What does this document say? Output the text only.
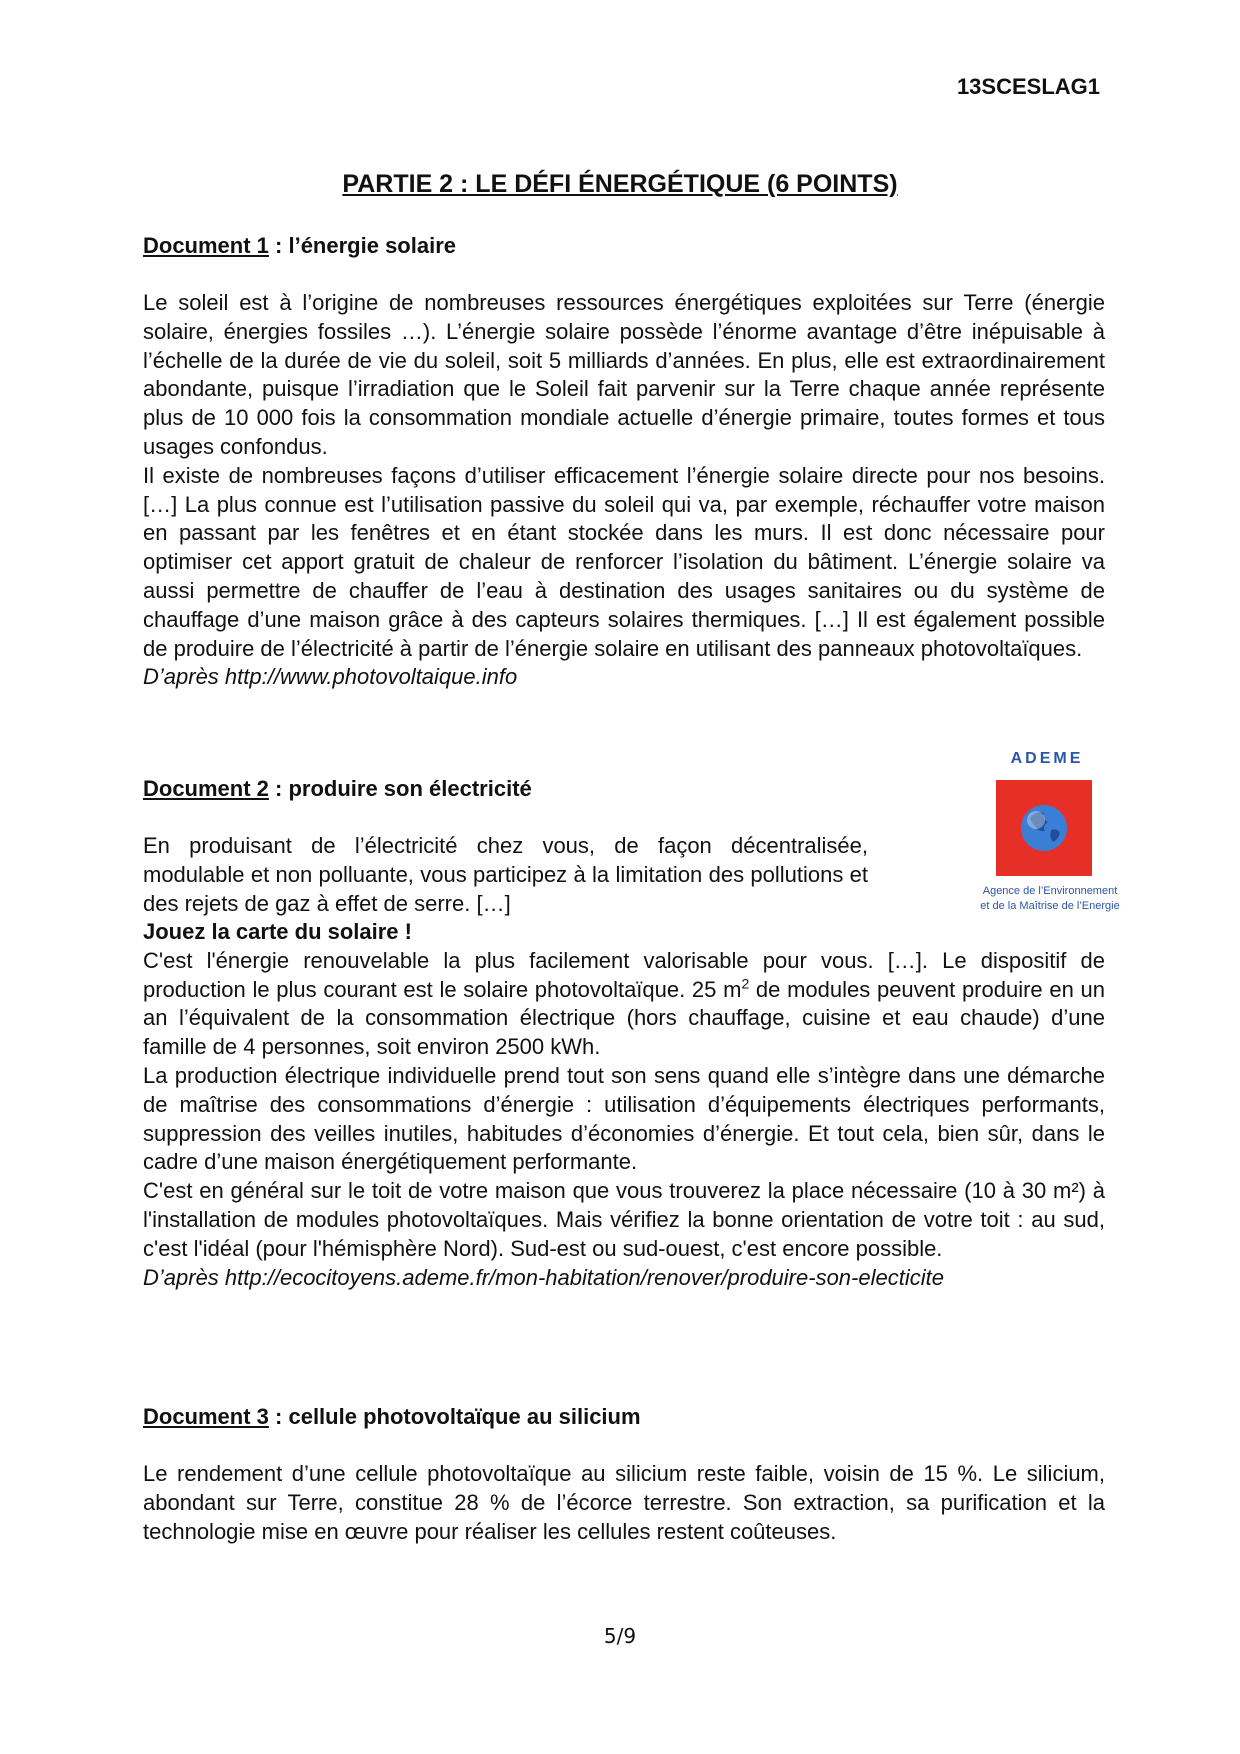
13SCESLAG1
PARTIE 2 : LE DÉFI ÉNERGÉTIQUE (6 POINTS)
Document 1 : l’énergie solaire

Le soleil est à l’origine de nombreuses ressources énergétiques exploitées sur Terre (énergie solaire, énergies fossiles …). L’énergie solaire possède l’énorme avantage d’être inépuisable à l’échelle de la durée de vie du soleil, soit 5 milliards d’années. En plus, elle est extraordinairement abondante, puisque l’irradiation que le Soleil fait parvenir sur la Terre chaque année représente plus de 10 000 fois la consommation mondiale actuelle d’énergie primaire, toutes formes et tous usages confondus.

Il existe de nombreuses façons d’utiliser efficacement l’énergie solaire directe pour nos besoins. […] La plus connue est l’utilisation passive du soleil qui va, par exemple, réchauffer votre maison en passant par les fenêtres et en étant stockée dans les murs. Il est donc nécessaire pour optimiser cet apport gratuit de chaleur de renforcer l’isolation du bâtiment. L’énergie solaire va aussi permettre de chauffer de l’eau à destination des usages sanitaires ou du système de chauffage d’une maison grâce à des capteurs solaires thermiques. […] Il est également possible de produire de l’électricité à partir de l’énergie solaire en utilisant des panneaux photovoltaïques.

D’après http://www.photovoltaique.info

ADEME
Agence de l’Environnement
et de la Maîtrise de l’Energie
Document 2 : produire son électricité
En produisant de l’électricité chez vous, de façon décentralisée, modulable et non polluante, vous participez à la limitation des pollutions et des rejets de gaz à effet de serre. […]

Jouez la carte du solaire !

C'est l'énergie renouvelable la plus facilement valorisable pour vous. […]. Le dispositif de production le plus courant est le solaire photovoltaïque. 25 $m^2$ de modules peuvent produire en un an l’équivalent de la consommation électrique (hors chauffage, cuisine et eau chaude) d’une famille de 4 personnes, soit environ 2500 kWh.

La production électrique individuelle prend tout son sens quand elle s’intègre dans une démarche de maîtrise des consommations d’énergie : utilisation d’équipements électriques performants, suppression des veilles inutiles, habitudes d’économies d’énergie. Et tout cela, bien sûr, dans le cadre d’une maison énergétiquement performante.

C'est en général sur le toit de votre maison que vous trouverez la place nécessaire (10 à 30 m²) à l'installation de modules photovoltaïques. Mais vérifiez la bonne orientation de votre toit : au sud, c'est l'idéal (pour l'hémisphère Nord). Sud-est ou sud-ouest, c'est encore possible.

D’après http://ecocitoyens.ademe.fr/mon-habitation/renover/produire-son-electicite

Document 3 : cellule photovoltaïque au silicium

Le rendement d’une cellule photovoltaïque au silicium reste faible, voisin de 15 %. Le silicium, abondant sur Terre, constitue 28 % de l’écorce terrestre. Son extraction, sa purification et la technologie mise en œuvre pour réaliser les cellules restent coûteuses.

5/9
